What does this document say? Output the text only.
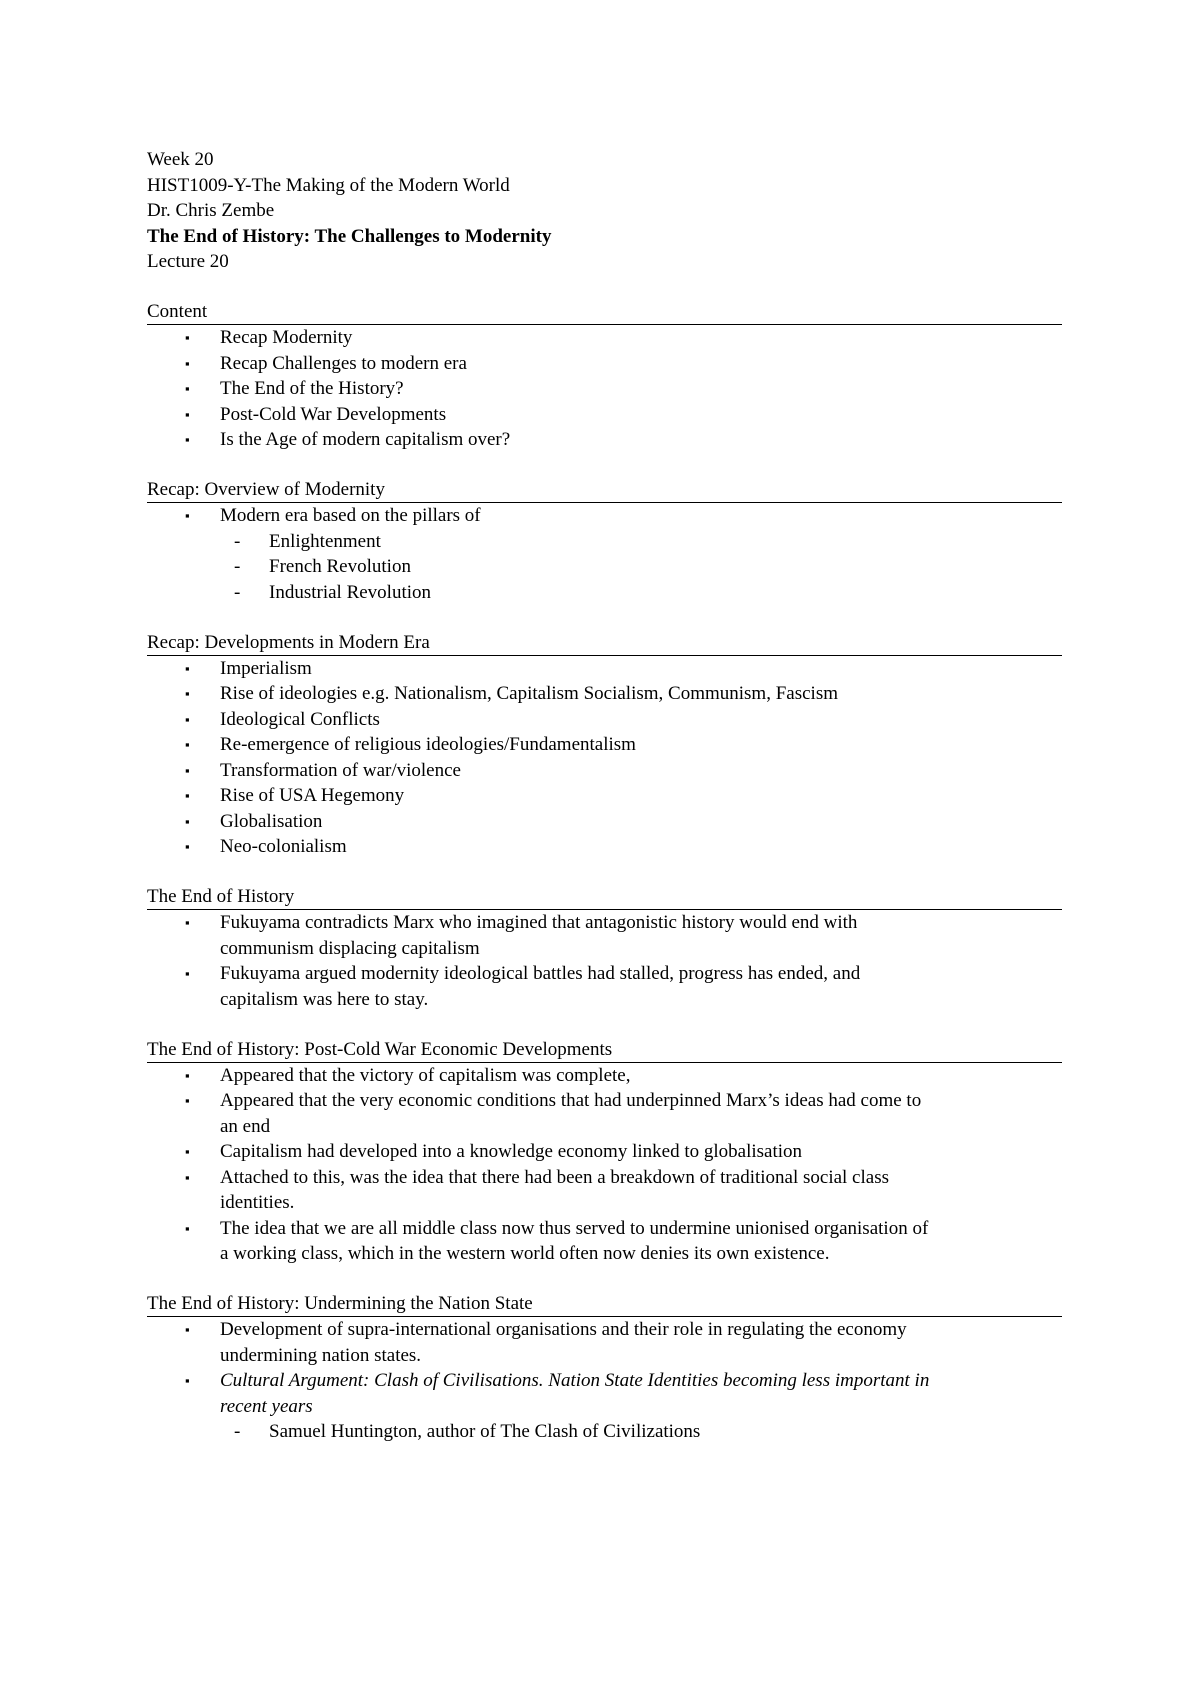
Week 20
HIST1009-Y-The Making of the Modern World
Dr. Chris Zembe
The End of History: The Challenges to Modernity
Lecture 20
Content
▪	Recap Modernity
▪	Recap Challenges to modern era
▪	The End of the History?
▪	Post-Cold War Developments
▪	Is the Age of modern capitalism over?
Recap: Overview of Modernity
▪	Modern era based on the pillars of
- Enlightenment
- French Revolution
- Industrial Revolution
Recap: Developments in Modern Era
▪	Imperialism
▪	Rise of ideologies e.g. Nationalism, Capitalism Socialism, Communism, Fascism
▪	Ideological Conflicts
▪	Re-emergence of religious ideologies/Fundamentalism
▪	Transformation of war/violence
▪	Rise of USA Hegemony
▪	Globalisation
▪	Neo-colonialism
The End of History
▪	Fukuyama contradicts Marx who imagined that antagonistic history would end with
communism displacing capitalism
▪	Fukuyama argued modernity ideological battles had stalled, progress has ended, and
capitalism was here to stay.
The End of History: Post-Cold War Economic Developments
▪	Appeared that the victory of capitalism was complete,
▪	Appeared that the very economic conditions that had underpinned Marx’s ideas had come to
an end
▪	Capitalism had developed into a knowledge economy linked to globalisation
▪	Attached to this, was the idea that there had been a breakdown of traditional social class
identities.
▪	The idea that we are all middle class now thus served to undermine unionised organisation of
a working class, which in the western world often now denies its own existence.
The End of History: Undermining the Nation State
▪	Development of supra-international organisations and their role in regulating the economy
undermining nation states.
▪	Cultural Argument: Clash of Civilisations. Nation State Identities becoming less important in
recent years
- Samuel Huntington, author of The Clash of Civilizations
